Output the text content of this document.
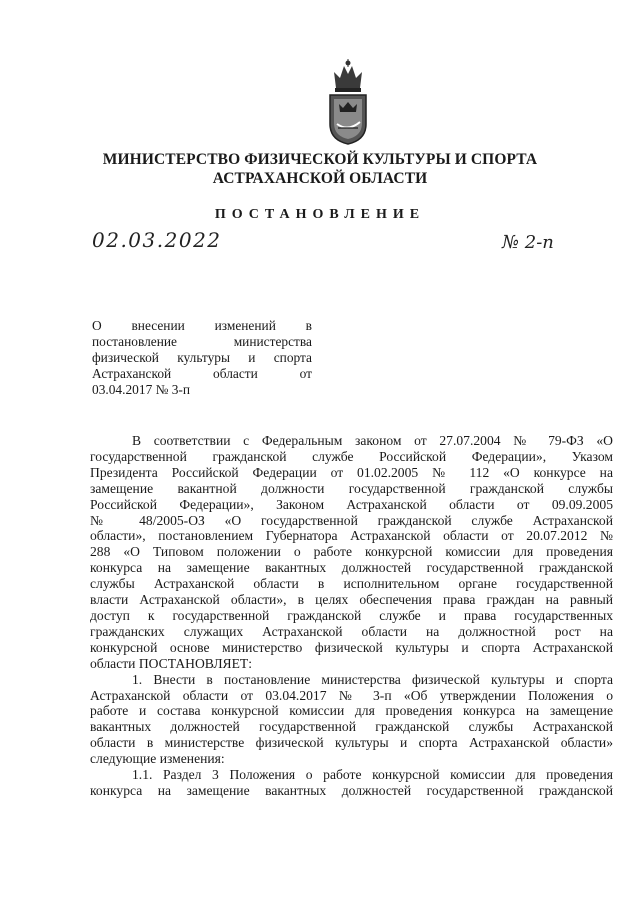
МИНИСТЕРСТВО ФИЗИЧЕСКОЙ КУЛЬТУРЫ И СПОРТА
АСТРАХАНСКОЙ ОБЛАСТИ
ПОСТАНОВЛЕНИЕ
02.03.2022	№ 2-п
О внесении изменений в
постановление министерства
физической культуры и спорта
Астраханской области от
03.04.2017 № 3-п
В соответствии с Федеральным законом от 27.07.2004 № 79-ФЗ «О
государственной гражданской службе Российской Федерации», Указом
Президента Российской Федерации от 01.02.2005 № 112 «О конкурсе на
замещение вакантной должности государственной гражданской службы
Российской Федерации», Законом Астраханской области от 09.09.2005
№ 48/2005-ОЗ «О государственной гражданской службе Астраханской
области», постановлением Губернатора Астраханской области от 20.07.2012 №
288 «О Типовом положении о работе конкурсной комиссии для проведения
конкурса на замещение вакантных должностей государственной гражданской
службы Астраханской области в исполнительном органе государственной
власти Астраханской области», в целях обеспечения права граждан на равный
доступ к государственной гражданской службе и права государственных
гражданских служащих Астраханской области на должностной рост на
конкурсной основе министерство физической культуры и спорта Астраханской
области ПОСТАНОВЛЯЕТ:
1. Внести в постановление министерства физической культуры и спорта
Астраханской области от 03.04.2017 № 3-п «Об утверждении Положения о
работе и состава конкурсной комиссии для проведения конкурса на замещение
вакантных должностей государственной гражданской службы Астраханской
области в министерстве физической культуры и спорта Астраханской области»
следующие изменения:
1.1. Раздел 3 Положения о работе конкурсной комиссии для проведения
конкурса на замещение вакантных должностей государственной гражданской
